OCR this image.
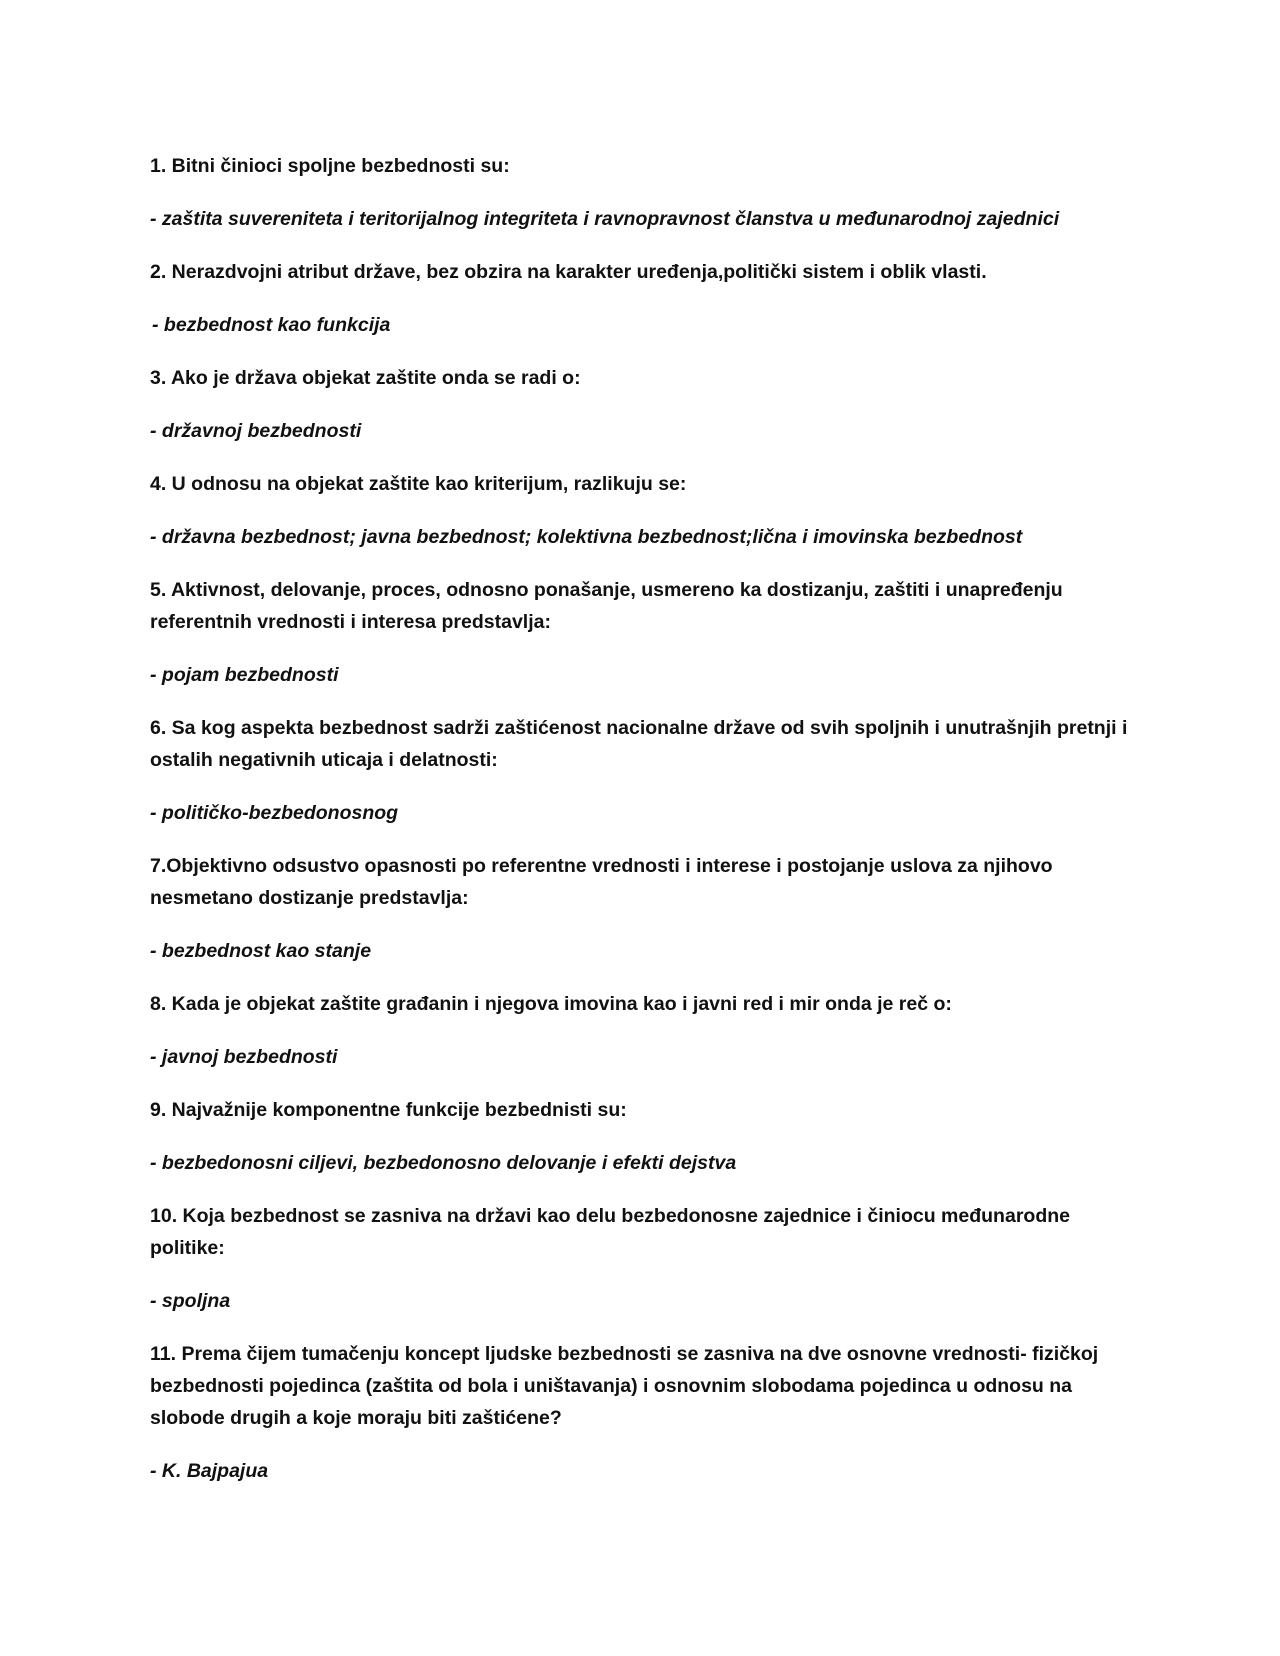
1. Bitni činioci spoljne bezbednosti su:

- zaštita suvereniteta i teritorijalnog integriteta i ravnopravnost članstva u međunarodnoj zajednici

2. Nerazdvojni atribut države, bez obzira na karakter uređenja,politički sistem i oblik vlasti.

- bezbednost kao funkcija

3. Ako je država objekat zaštite onda se radi o:

- državnoj bezbednosti

4. U odnosu na objekat zaštite kao kriterijum, razlikuju se:

- državna bezbednost; javna bezbednost; kolektivna bezbednost;lična i imovinska bezbednost

5. Aktivnost, delovanje, proces, odnosno ponašanje, usmereno ka dostizanju, zaštiti i unapređenju referentnih vrednosti i interesa predstavlja:

- pojam bezbednosti

6. Sa kog aspekta bezbednost sadrži zaštićenost nacionalne države od svih spoljnih i unutrašnjih pretnji i ostalih negativnih uticaja i delatnosti:

- političko-bezbedonosnog

7.Objektivno odsustvo opasnosti po referentne vrednosti i interese i postojanje uslova za njihovo nesmetano dostizanje predstavlja:

- bezbednost kao stanje

8. Kada je objekat zaštite građanin i njegova imovina kao i javni red i mir onda je reč o:

- javnoj bezbednosti

9. Najvažnije komponentne funkcije bezbednisti su:

- bezbedonosni ciljevi, bezbedonosno delovanje i efekti dejstva

10. Koja bezbednost se zasniva na državi kao delu bezbedonosne zajednice i činiocu međunarodne politike:

- spoljna

11. Prema čijem tumačenju koncept ljudske bezbednosti se zasniva na dve osnovne vrednosti- fizičkoj bezbednosti pojedinca (zaštita od bola i uništavanja) i osnovnim slobodama pojedinca u odnosu na slobode drugih a koje moraju biti zaštićene?

- K. Bajpajua
